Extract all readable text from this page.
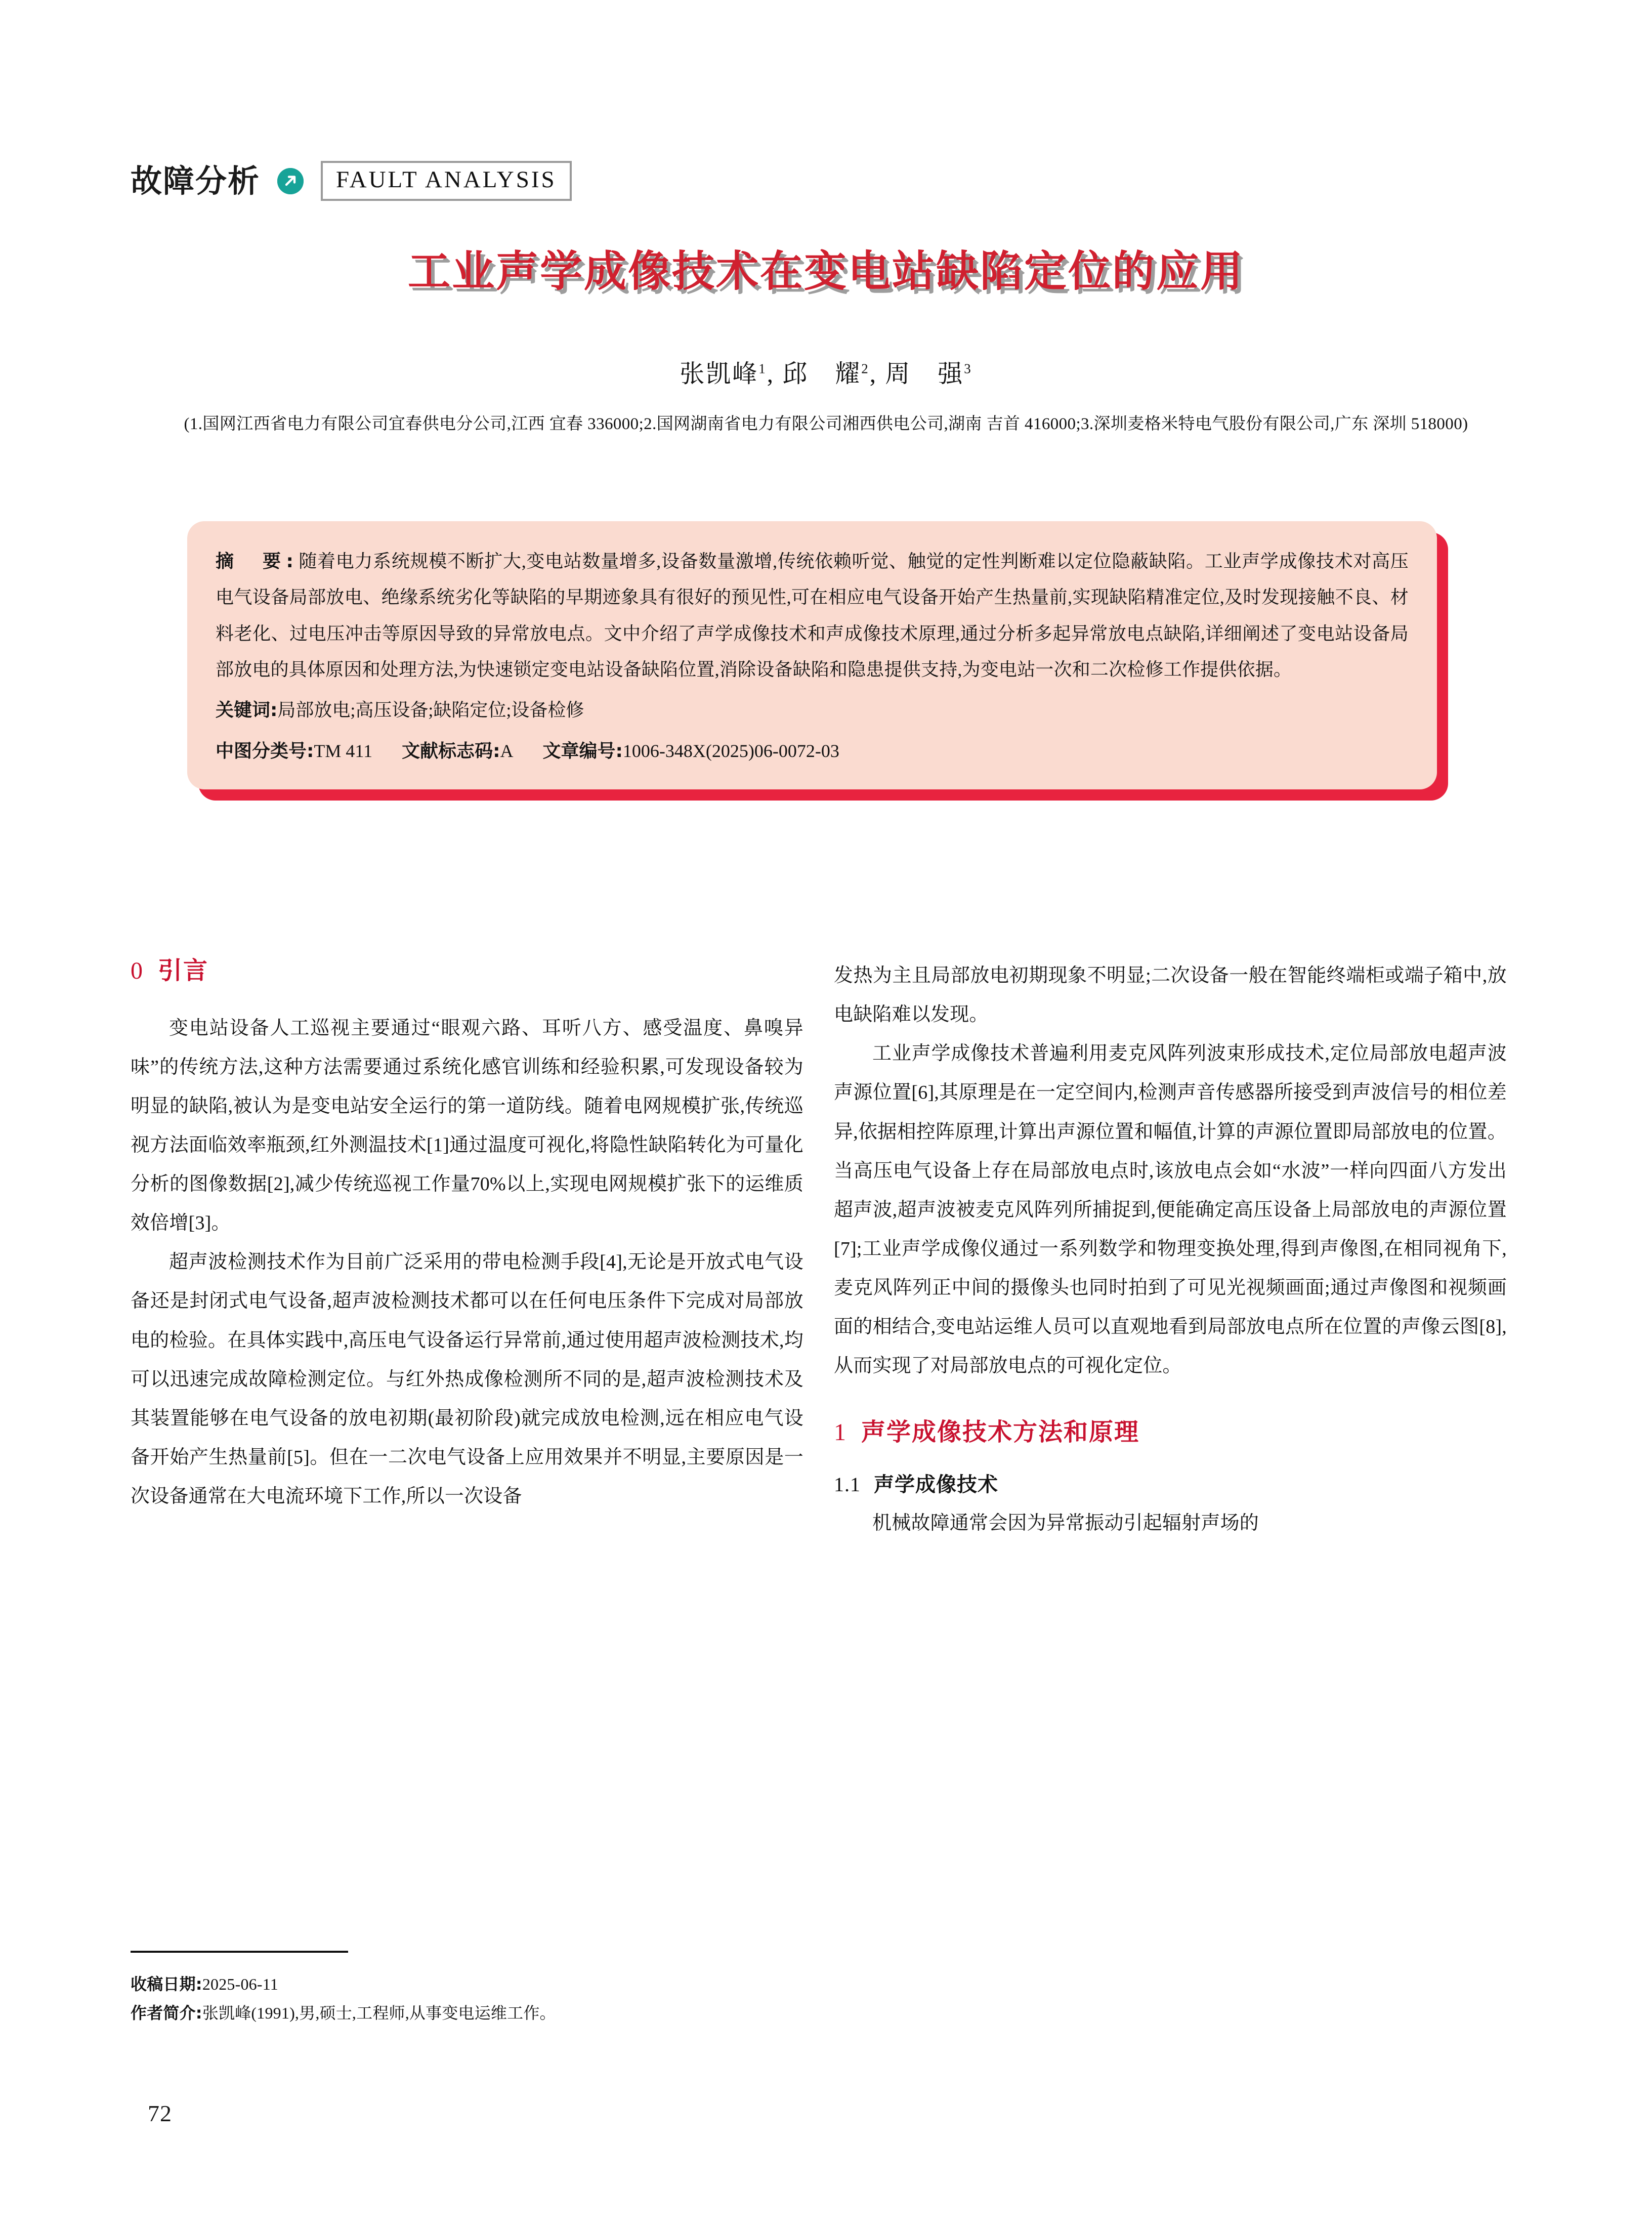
故障分析	FAULT ANALYSIS
工业声学成像技术在变电站缺陷定位的应用
张凯峰$^1$, 邱　耀$^2$, 周　强$^3$
(1.国网江西省电力有限公司宜春供电分公司,江西 宜春 336000;2.国网湖南省电力有限公司湘西供电公司,湖南 吉首 416000;3.深圳麦格米特电气股份有限公司,广东 深圳 518000)
摘　要:随着电力系统规模不断扩大,变电站数量增多,设备数量激增,传统依赖听觉、触觉的定性判断难以定位隐蔽缺陷。工业声学成像技术对高压电气设备局部放电、绝缘系统劣化等缺陷的早期迹象具有很好的预见性,可在相应电气设备开始产生热量前,实现缺陷精准定位,及时发现接触不良、材料老化、过电压冲击等原因导致的异常放电点。文中介绍了声学成像技术和声成像技术原理,通过分析多起异常放电点缺陷,详细阐述了变电站设备局部放电的具体原因和处理方法,为快速锁定变电站设备缺陷位置,消除设备缺陷和隐患提供支持,为变电站一次和二次检修工作提供依据。
关键词:局部放电;高压设备;缺陷定位;设备检修
中图分类号:TM 411 文献标志码:A 文章编号:1006-348X(2025)06-0072-03
0 引言

变电站设备人工巡视主要通过“眼观六路、耳听八方、感受温度、鼻嗅异味”的传统方法,这种方法需要通过系统化感官训练和经验积累,可发现设备较为明显的缺陷,被认为是变电站安全运行的第一道防线。随着电网规模扩张,传统巡视方法面临效率瓶颈,红外测温技术[1]通过温度可视化,将隐性缺陷转化为可量化分析的图像数据[2],减少传统巡视工作量70%以上,实现电网规模扩张下的运维质效倍增[3]。

超声波检测技术作为目前广泛采用的带电检测手段[4],无论是开放式电气设备还是封闭式电气设备,超声波检测技术都可以在任何电压条件下完成对局部放电的检验。在具体实践中,高压电气设备运行异常前,通过使用超声波检测技术,均可以迅速完成故障检测定位。与红外热成像检测所不同的是,超声波检测技术及其装置能够在电气设备的放电初期(最初阶段)就完成放电检测,远在相应电气设备开始产生热量前[5]。但在一二次电气设备上应用效果并不明显,主要原因是一次设备通常在大电流环境下工作,所以一次设备

发热为主且局部放电初期现象不明显;二次设备一般在智能终端柜或端子箱中,放电缺陷难以发现。

工业声学成像技术普遍利用麦克风阵列波束形成技术,定位局部放电超声波声源位置[6],其原理是在一定空间内,检测声音传感器所接受到声波信号的相位差异,依据相控阵原理,计算出声源位置和幅值,计算的声源位置即局部放电的位置。当高压电气设备上存在局部放电点时,该放电点会如“水波”一样向四面八方发出超声波,超声波被麦克风阵列所捕捉到,便能确定高压设备上局部放电的声源位置[7];工业声学成像仪通过一系列数学和物理变换处理,得到声像图,在相同视角下,麦克风阵列正中间的摄像头也同时拍到了可见光视频画面;通过声像图和视频画面的相结合,变电站运维人员可以直观地看到局部放电点所在位置的声像云图[8],从而实现了对局部放电点的可视化定位。

1 声学成像技术方法和原理
1.1 声学成像技术

机械故障通常会因为异常振动引起辐射声场的

收稿日期:2025-06-11
作者简介:张凯峰(1991),男,硕士,工程师,从事变电运维工作。
72
